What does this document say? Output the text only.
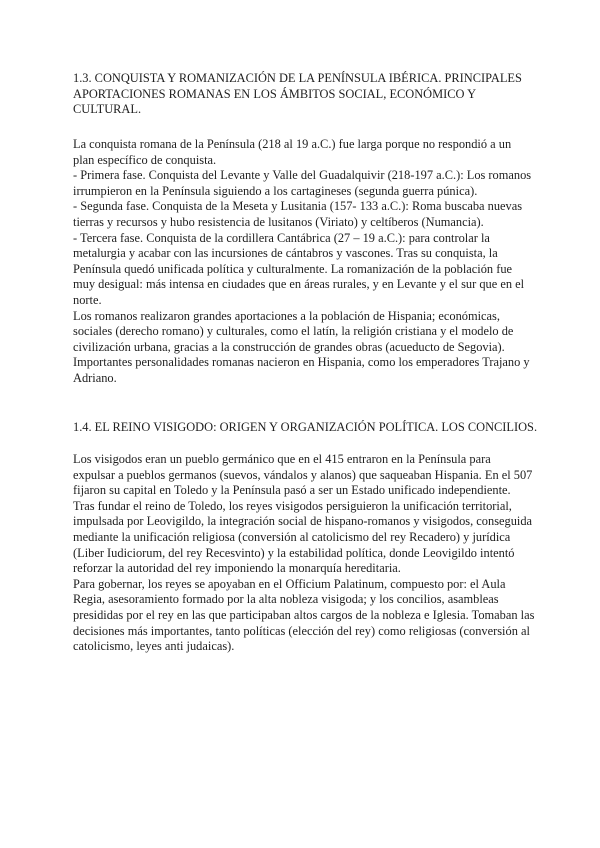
1.3. CONQUISTA Y ROMANIZACIÓN DE LA PENÍNSULA IBÉRICA. PRINCIPALES APORTACIONES ROMANAS EN LOS ÁMBITOS SOCIAL, ECONÓMICO Y CULTURAL.

La conquista romana de la Península (218 al 19 a.C.) fue larga porque no respondió a un plan específico de conquista.

- Primera fase. Conquista del Levante y Valle del Guadalquivir (218-197 a.C.): Los romanos irrumpieron en la Península siguiendo a los cartagineses (segunda guerra púnica).

- Segunda fase. Conquista de la Meseta y Lusitania (157- 133 a.C.): Roma buscaba nuevas tierras y recursos y hubo resistencia de lusitanos (Viriato) y celtíberos (Numancia).

- Tercera fase. Conquista de la cordillera Cantábrica (27 – 19 a.C.): para controlar la metalurgia y acabar con las incursiones de cántabros y vascones. Tras su conquista, la Península quedó unificada política y culturalmente. La romanización de la población fue muy desigual: más intensa en ciudades que en áreas rurales, y en Levante y el sur que en el norte.

Los romanos realizaron grandes aportaciones a la población de Hispania; económicas, sociales (derecho romano) y culturales, como el latín, la religión cristiana y el modelo de civilización urbana, gracias a la construcción de grandes obras (acueducto de Segovia).

Importantes personalidades romanas nacieron en Hispania, como los emperadores Trajano y Adriano.

1.4. EL REINO VISIGODO: ORIGEN Y ORGANIZACIÓN POLÍTICA. LOS CONCILIOS.

Los visigodos eran un pueblo germánico que en el 415 entraron en la Península para expulsar a pueblos germanos (suevos, vándalos y alanos) que saqueaban Hispania. En el 507 fijaron su capital en Toledo y la Península pasó a ser un Estado unificado independiente.

Tras fundar el reino de Toledo, los reyes visigodos persiguieron la unificación territorial, impulsada por Leovigildo, la integración social de hispano-romanos y visigodos, conseguida mediante la unificación religiosa (conversión al catolicismo del rey Recadero) y jurídica (Liber Iudiciorum, del rey Recesvinto) y la estabilidad política, donde Leovigildo intentó reforzar la autoridad del rey imponiendo la monarquía hereditaria.

Para gobernar, los reyes se apoyaban en el Officium Palatinum, compuesto por: el Aula Regia, asesoramiento formado por la alta nobleza visigoda; y los concilios, asambleas presididas por el rey en las que participaban altos cargos de la nobleza e Iglesia. Tomaban las decisiones más importantes, tanto políticas (elección del rey) como religiosas (conversión al catolicismo, leyes anti judaicas).
